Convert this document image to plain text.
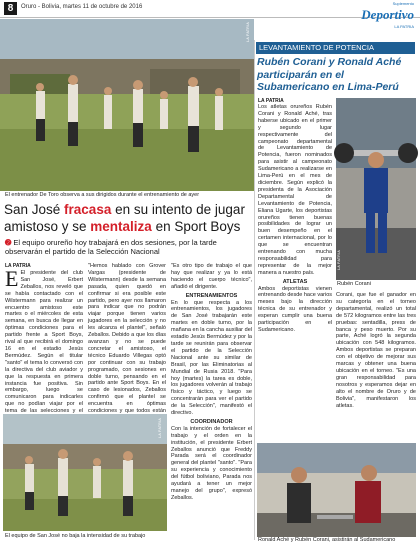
8	Oruro - Bolivia, martes 11 de octubre de 2016
Suplemento
Deportivo
LA PATRIA
LA PATRIA
El entrenador De Toro observa a sus dirigidos durante el entrenamiento de ayer
San José fracasa en su intento de jugar amistoso y se mentaliza en Sport Boys
➋ El equipo orureño hoy trabajará en dos sesiones, por la tarde observarán el partido de la Selección Nacional
LA PATRIA
E El presidente del club San José, Erbert Zeballos, nos reveló que se había contactado con el Wilstermann para realizar un encuentro amistoso este martes o el miércoles de esta semana, en busca de llegar en óptimas condiciones para el partido frente a Sport Boys, rival al que recibirá el domingo 16 en el estadio Jesús Bermúdez. Según el titular "santo" el tema lo conversó con la directiva del club aviador y que la respuesta en primera instancia fue positiva. Sin embargo, luego se comunicaron para indicarles que no podían viajar por el tema de las selecciones y el

"Hemos hablado con Grover Vargas (presidente de Wilstermann) desde la semana pasada, quien quedó en confirmar si era posible este partido, pero ayer nos llamaron para indicar que no podrán viajar porque tienen varios jugadores en la selección y no les alcanza el plantel", señaló Zeballos. Debido a que los días avanzan y no se puede concretar el amistoso, el técnico Eduardo Villegas optó por continuar con su trabajo programado, con sesiones en doble turno, pensando en el partido ante Sport Boys. En el caso de lesionados, Zeballos confirmó que el plantel se encuentra en óptimas condiciones y que todos están

"Es otro tipo de trabajo el que hay que realizar y ya lo está haciendo el cuerpo técnico", añadió el dirigente.

ENTRENAMIENTOS

En lo que respecta a los entrenamientos, los jugadores de San José trabajarán este martes en doble turno, por la mañana en la cancha auxiliar del estadio Jesús Bermúdez y por la tarde se reunirán para observar el partido de la Selección Nacional ante su similar de Brasil, por las Eliminatorias al Mundial de Rusia 2018. "Para hoy (martes) la tarea es doble, los jugadores volverán al trabajo físico y táctico, y luego se concentrarán para ver el partido de la Selección", manifestó el directivo.

COORDINADOR

Con la intención de fortalecer el trabajo y el orden en la institución, el presidente Erbert Zeballos anunció que Freddy Parada será el coordinador general del plantel "santo". "Para su experiencia y conocimiento del fútbol boliviano, Parada nos ayudará a tener un mejor manejo del grupo", expresó Zeballos.

LA PATRIA
El equipo de San José no baja la intensidad de su trabajo
LEVANTAMIENTO DE POTENCIA
Rubén Corani y Ronald Aché participarán en el Subamericano en Lima-Perú
LA PATRIA

Los atletas orureños Rubén Corani y Ronald Aché, tras haberse ubicado en el primer y segundo lugar respectivamente del campeonato departamental de Levantamiento de Potencia, fueron nominados para asistir al campeonato Sudamericano a realizarse en Lima-Perú en el mes de diciembre. Según explicó la presidenta de la Asociación Departamental de Levantamiento de Potencia, Eliana Ugarte, los deportistas orureños tienen buenas posibilidades de lograr un buen desempeño en el certamen internacional, por lo que se encuentran entrenando con mucha responsabilidad para representar de la mejor manera a nuestro país.

ATLETAS

Ambos deportistas vienen entrenando desde hace varios meses bajo la dirección técnica de su entrenador y esperan cumplir una buena participación en el Sudamericano.

LA PATRIA
Rubén Corani

Corani, que fue el ganador en su categoría en el torneo departamental, realizó un total de 572 kilogramos entre las tres pruebas: sentadilla, press de banca y peso muerto. Por su parte, Aché logró la segunda ubicación con 548 kilogramos. Ambos deportistas se preparan con el objetivo de mejorar sus marcas y obtener una buena ubicación en el torneo. "Es una gran responsabilidad para nosotros y esperamos dejar en alto el nombre de Oruro y de Bolivia", manifestaron los atletas.

Ronald Aché y Rubén Corani, asistirán al Sudamericano
